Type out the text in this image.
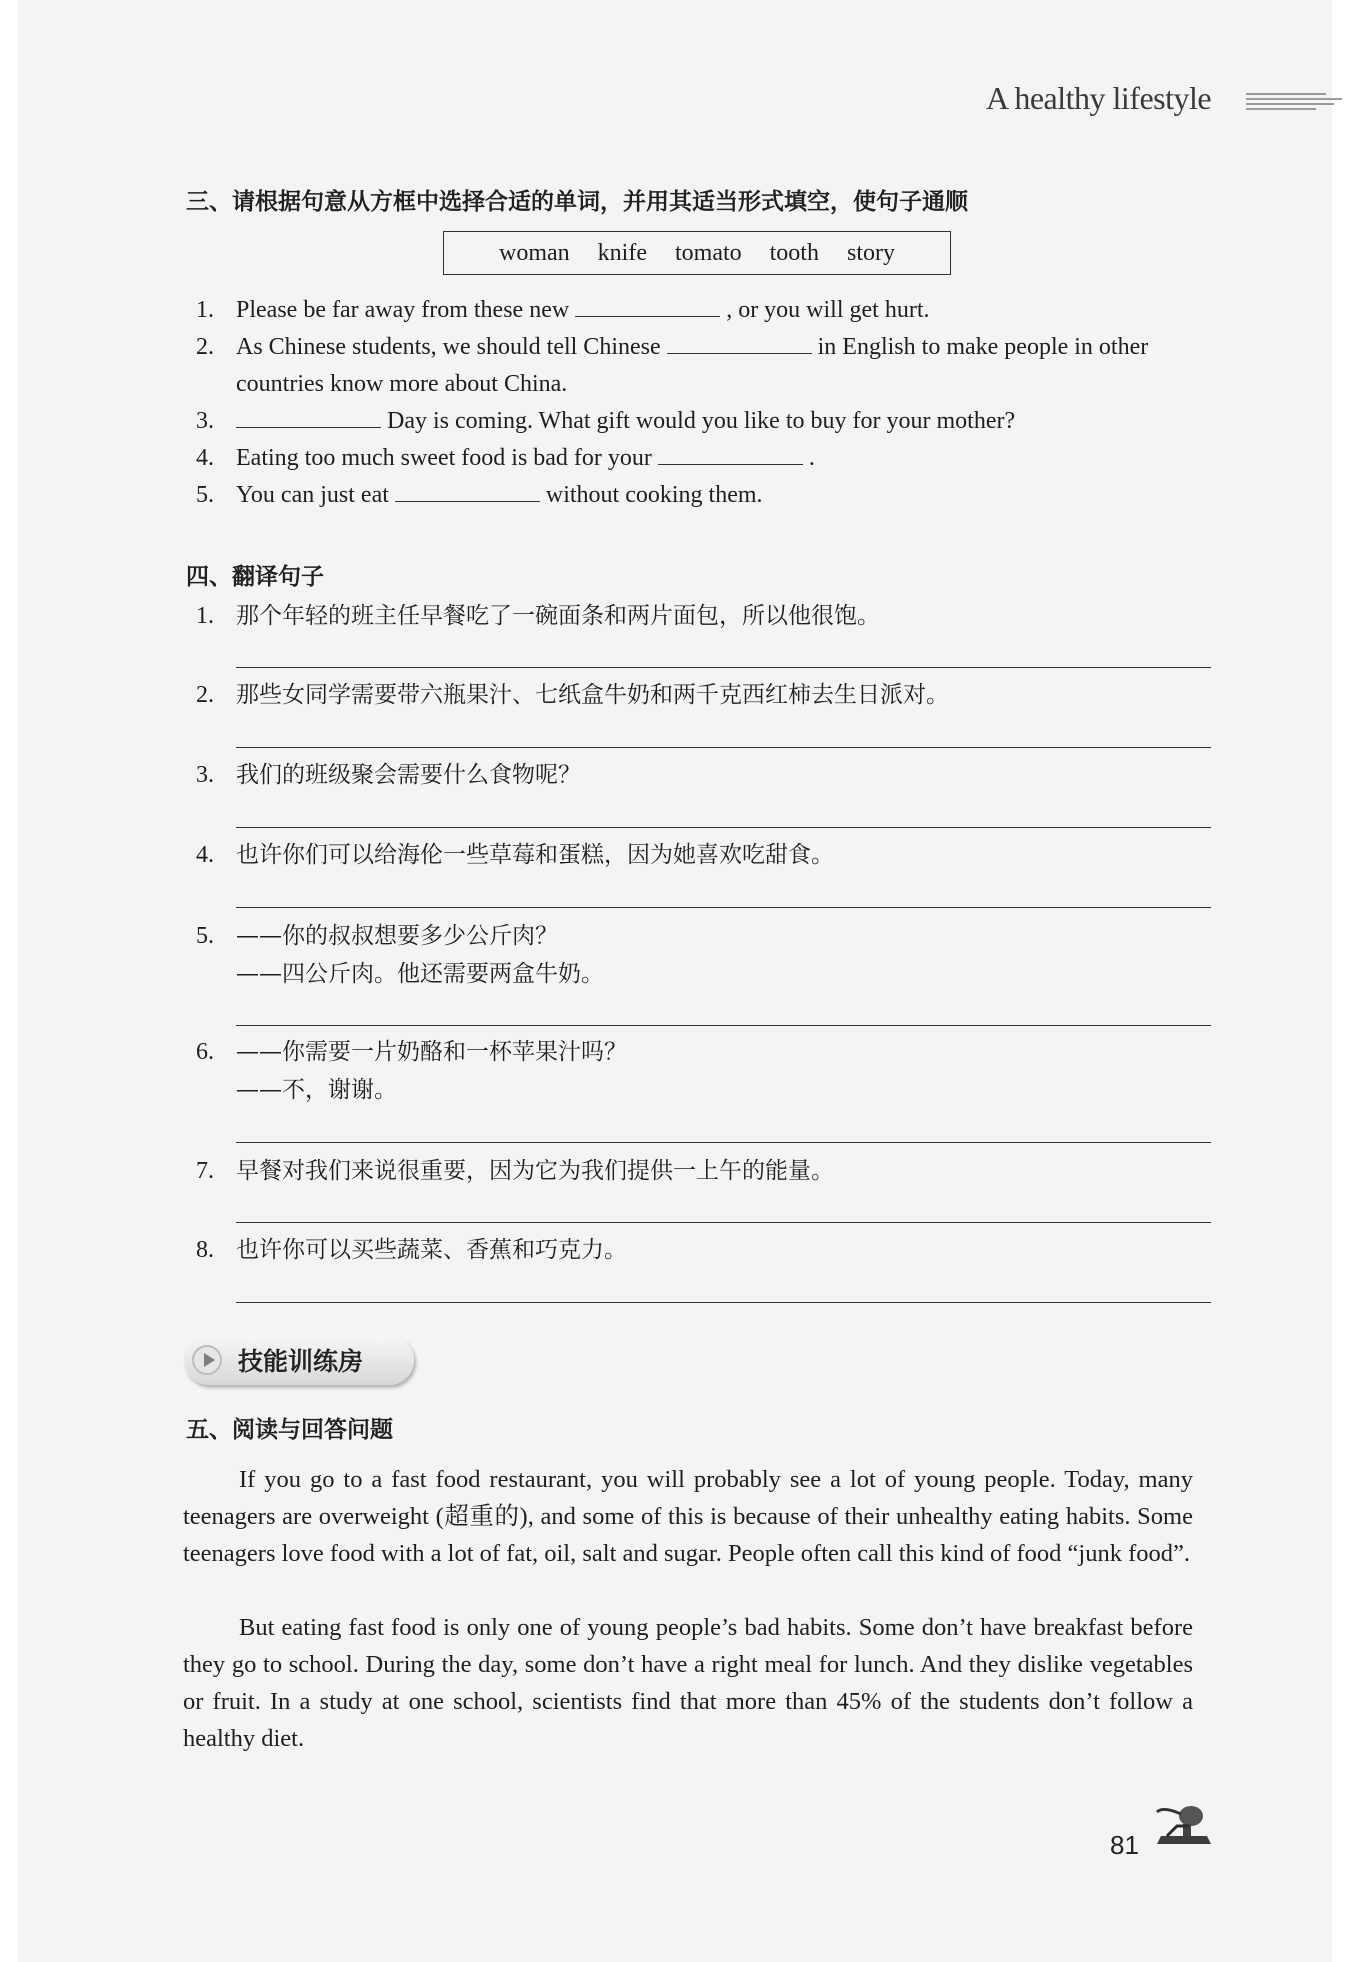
A healthy lifestyle
三、请根据句意从方框中选择合适的单词，并用其适当形式填空，使句子通顺
woman knife tomato tooth story
1. Please be far away from these new	, or you will get hurt.
2. As Chinese students, we should tell Chinese	in English to make people in other countries know more about China.
3.	Day is coming. What gift would you like to buy for your mother?
4. Eating too much sweet food is bad for your	.
5. You can just eat	without cooking them.
四、翻译句子
1. 那个年轻的班主任早餐吃了一碗面条和两片面包，所以他很饱。
2. 那些女同学需要带六瓶果汁、七纸盒牛奶和两千克西红柿去生日派对。
3. 我们的班级聚会需要什么食物呢？
4. 也许你们可以给海伦一些草莓和蛋糕，因为她喜欢吃甜食。
5. ——你的叔叔想要多少公斤肉？
——四公斤肉。他还需要两盒牛奶。
6. ——你需要一片奶酪和一杯苹果汁吗？
——不，谢谢。
7. 早餐对我们来说很重要，因为它为我们提供一上午的能量。
8. 也许你可以买些蔬菜、香蕉和巧克力。
技能训练房
五、阅读与回答问题

If you go to a fast food restaurant, you will probably see a lot of young people. Today, many teenagers are overweight (超重的), and some of this is because of their unhealthy eating habits. Some teenagers love food with a lot of fat, oil, salt and sugar. People often call this kind of food “junk food”.

But eating fast food is only one of young people’s bad habits. Some don’t have breakfast before they go to school. During the day, some don’t have a right meal for lunch. And they dislike vegetables or fruit. In a study at one school, scientists find that more than 45% of the students don’t follow a healthy diet.

81
